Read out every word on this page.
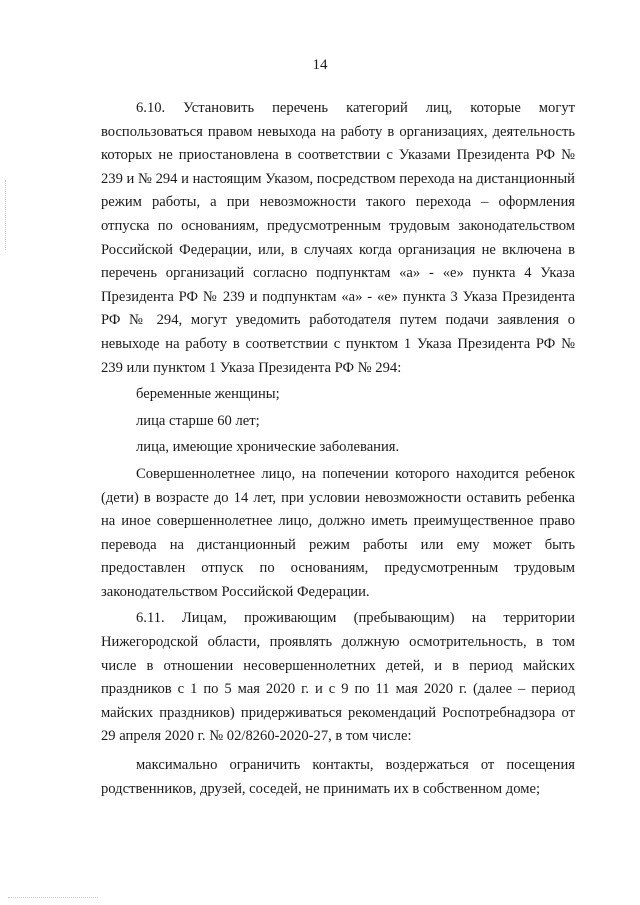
14

6.10. Установить перечень категорий лиц, которые могут воспользоваться правом невыхода на работу в организациях, деятельность которых не приостановлена в соответствии с Указами Президента РФ № 239 и № 294 и настоящим Указом, посредством перехода на дистанционный режим работы, а при невозможности такого перехода – оформления отпуска по основаниям, предусмотренным трудовым законодательством Российской Федерации, или, в случаях когда организация не включена в перечень организаций согласно подпунктам «а» - «е» пункта 4 Указа Президента РФ № 239 и подпунктам «а» - «е» пункта 3 Указа Президента РФ № 294, могут уведомить работодателя путем подачи заявления о невыходе на работу в соответствии с пунктом 1 Указа Президента РФ № 239 или пунктом 1 Указа Президента РФ № 294:

беременные женщины;

лица старше 60 лет;

лица, имеющие хронические заболевания.

Совершеннолетнее лицо, на попечении которого находится ребенок (дети) в возрасте до 14 лет, при условии невозможности оставить ребенка на иное совершеннолетнее лицо, должно иметь преимущественное право перевода на дистанционный режим работы или ему может быть предоставлен отпуск по основаниям, предусмотренным трудовым законодательством Российской Федерации.

6.11. Лицам, проживающим (пребывающим) на территории Нижегородской области, проявлять должную осмотрительность, в том числе в отношении несовершеннолетних детей, и в период майских праздников с 1 по 5 мая 2020 г. и с 9 по 11 мая 2020 г. (далее – период майских праздников) придерживаться рекомендаций Роспотребнадзора от 29 апреля 2020 г. № 02/8260-2020-27, в том числе:

максимально ограничить контакты, воздержаться от посещения родственников, друзей, соседей, не принимать их в собственном доме;
